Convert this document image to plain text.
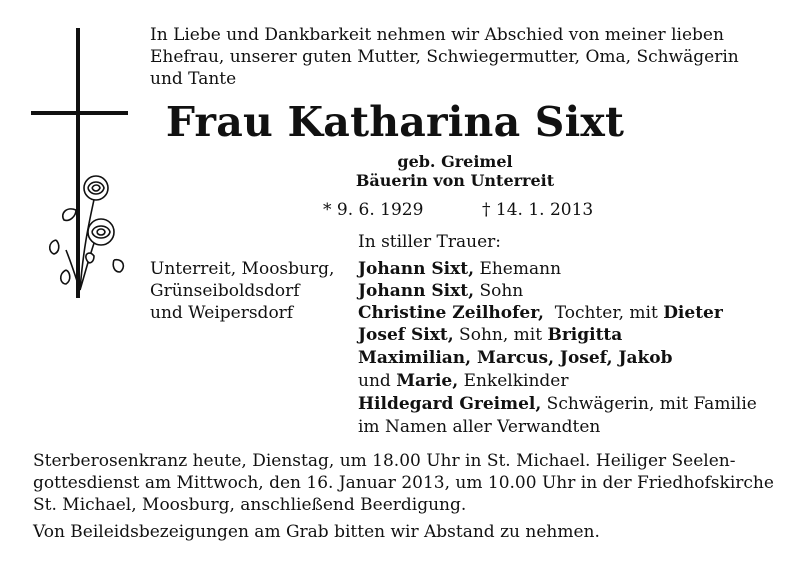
In Liebe und Dankbarkeit nehmen wir Abschied von meiner lieben
Ehefrau, unserer guten Mutter, Schwiegermutter, Oma, Schwägerin
und Tante
Frau Katharina Sixt
geb. Greimel
Bäuerin von Unterreit
* 9. 6. 1929	† 14. 1. 2013
In stiller Trauer:
Unterreit, Moosburg,
Grünseiboldsdorf
und Weipersdorf
Johann Sixt, Ehemann
Johann Sixt, Sohn
Christine Zeilhofer,  Tochter, mit Dieter
Josef Sixt, Sohn, mit Brigitta
Maximilian, Marcus, Josef, Jakob
und Marie, Enkelkinder
Hildegard Greimel, Schwägerin, mit Familie
im Namen aller Verwandten
Sterberosenkranz heute, Dienstag, um 18.00 Uhr in St. Michael. Heiliger Seelen-
gottesdienst am Mittwoch, den 16. Januar 2013, um 10.00 Uhr in der Friedhofskirche
St. Michael, Moosburg, anschließend Beerdigung.
Von Beileidsbezeigungen am Grab bitten wir Abstand zu nehmen.
